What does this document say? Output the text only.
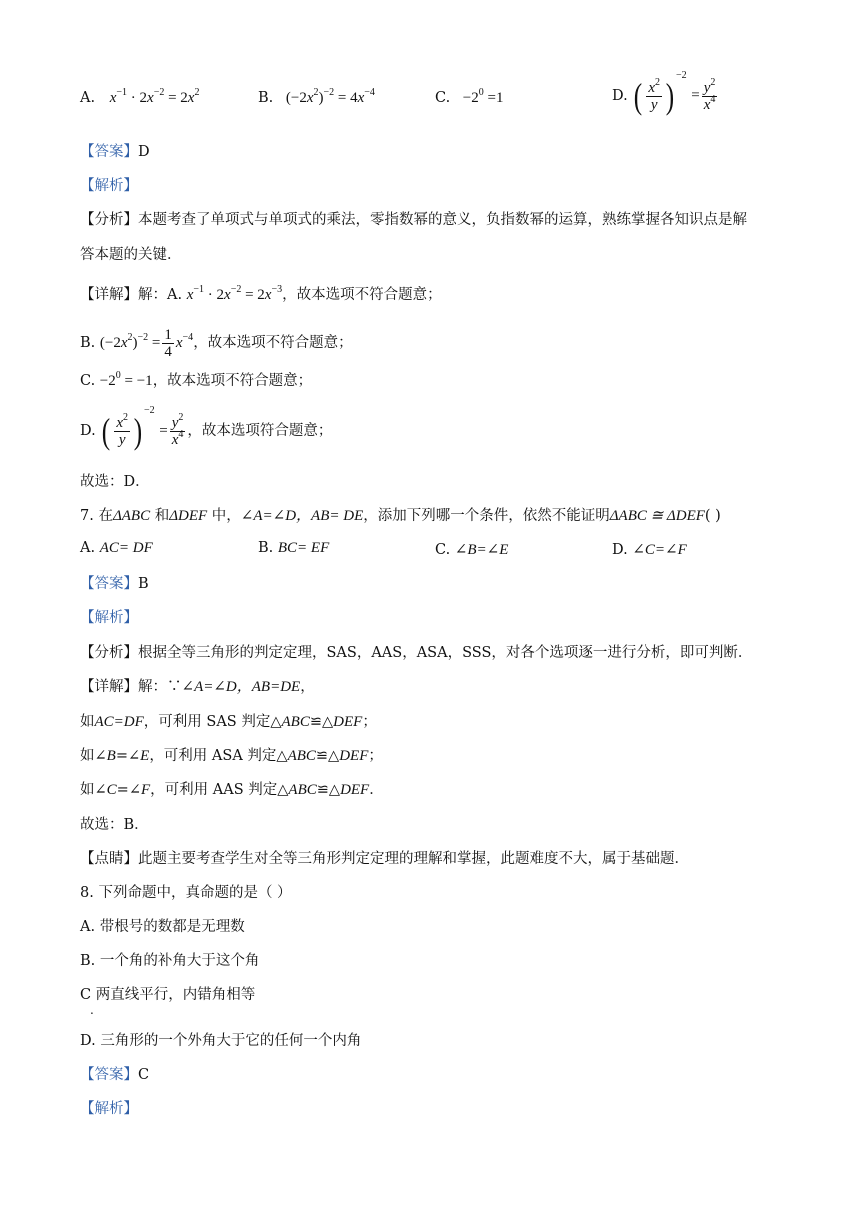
A. $x^{-1} \cdot 2x^{-2} = 2x^2$	B. $(-2x^2)^{-2} = 4x^{-4}$	C. $-2^0 =1$	D. ( $\frac{x^2}{y} )^{-2} = \frac{y^2}{x^4}$
【答案】D
【解析】
【分析】本题考查了单项式与单项式的乘法，零指数幂的意义，负指数幂的运算，熟练掌握各知识点是解
答本题的关键．
【详解】解：A. $x^{-1} \cdot 2x^{-2} = 2x^{-3}$，故本选项不符合题意；
B. $(-2x^2)^{-2} = \frac{1}{4} x^{-4}$，故本选项不符合题意；
C. $-2^0 = -1$，故本选项不符合题意；
D. ( $\frac{x^2}{y} )^{-2} = \frac{y^2}{x^4}$ ，故本选项符合题意；
故选：D．
7. 在ΔABC 和ΔDEF 中，∠A=∠D，AB= DE，添加下列哪一个条件，依然不能证明ΔABC ≅ ΔDEF( )
A. AC= DF	B. BC= EF	C. ∠B=∠E	D. ∠C=∠F
【答案】B
【解析】
【分析】根据全等三角形的判定定理，SAS，AAS，ASA，SSS，对各个选项逐一进行分析，即可判断．
【详解】解：∵∠A=∠D，AB=DE，
如AC=DF，可利用 SAS 判定△ABC≌△DEF；
如∠B=∠E，可利用 ASA 判定△ABC≌△DEF；
如∠C=∠F，可利用 AAS 判定△ABC≌△DEF．
故选：B．
【点睛】此题主要考查学生对全等三角形判定定理的理解和掌握，此题难度不大，属于基础题．
8. 下列命题中，真命题的是（ ）
A. 带根号的数都是无理数
B. 一个角的补角大于这个角
C 两直线平行，内错角相等
.
D. 三角形的一个外角大于它的任何一个内角
【答案】C
【解析】
